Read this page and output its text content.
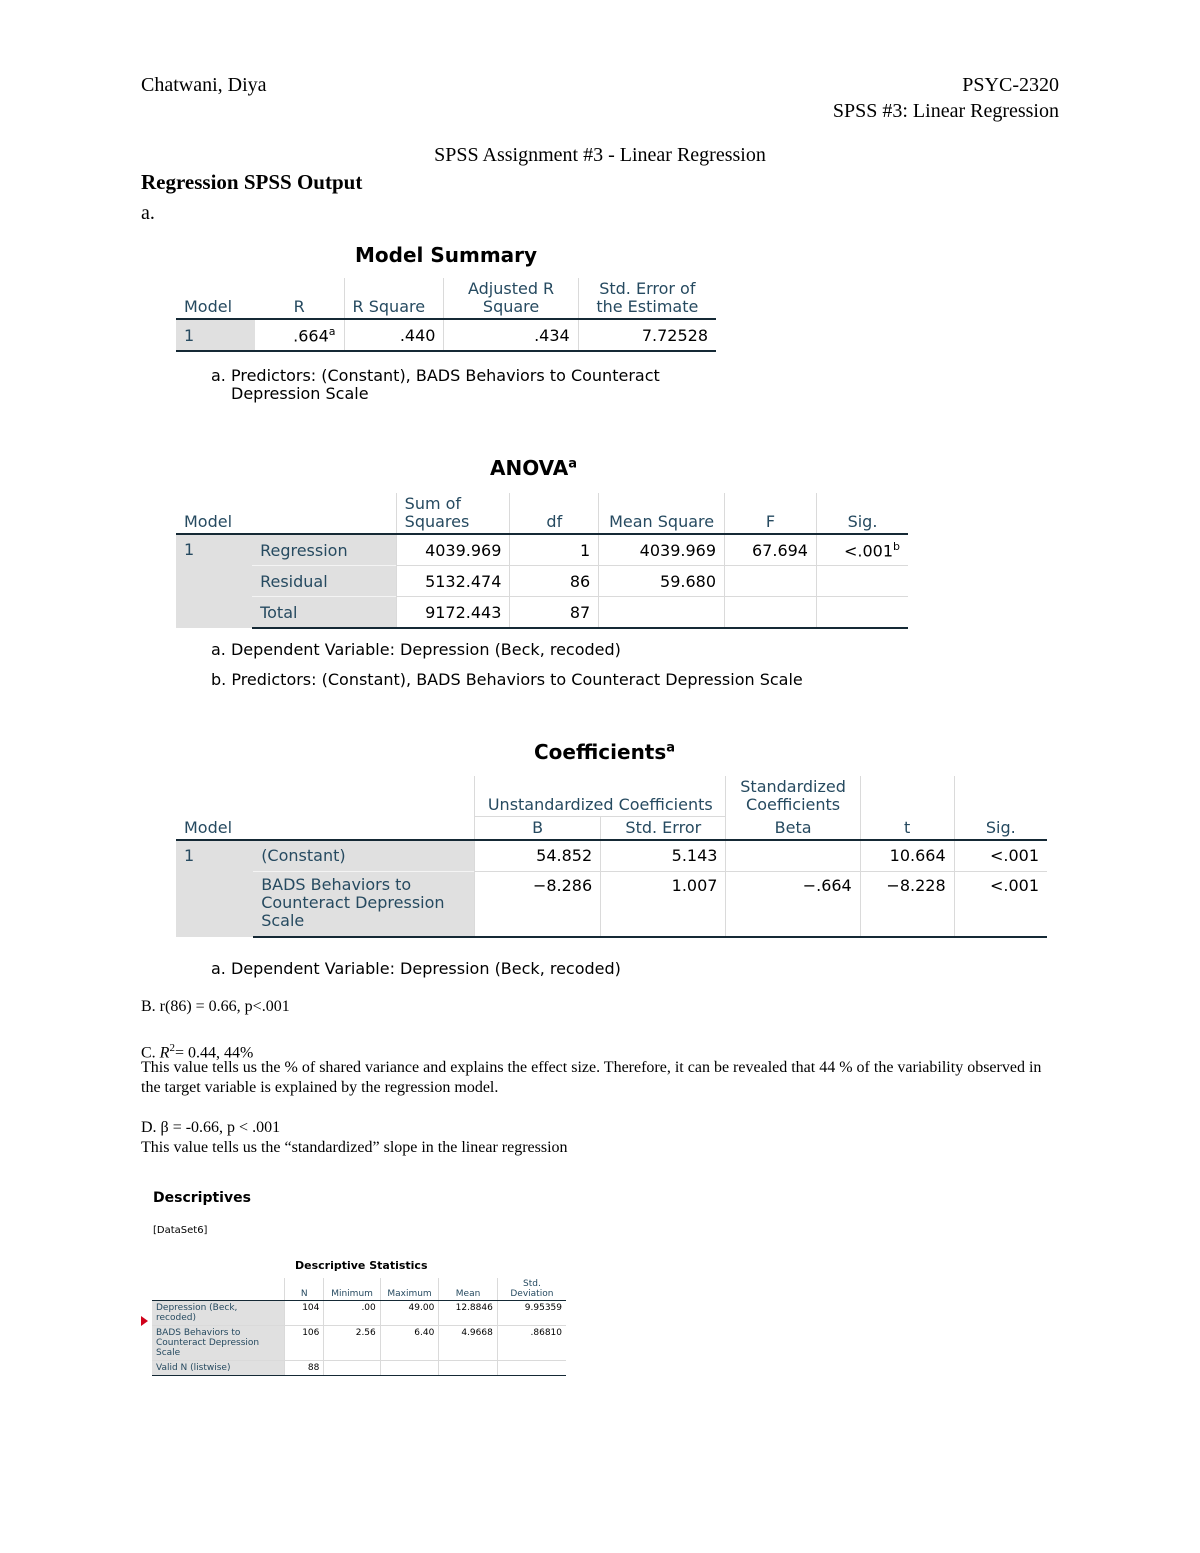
Chatwani, Diya	PSYC-2320
SPSS #3: Linear Regression
SPSS Assignment #3 - Linear Regression
Regression SPSS Output
a.
Model Summary
Model	R	R Square	Adjusted R
Square	Std. Error of
the Estimate
1	.664$^a$	.440	.434	7.72528
a. Predictors: (Constant), BADS Behaviors to Counteract
Depression Scale
ANOVA$^a$
Model		Sum of
Squares	df	Mean Square	F	Sig.
1	Regression	4039.969	1	4039.969	67.694	<.001$^b$
	Residual	5132.474	86	59.680		
	Total	9172.443	87			
a. Dependent Variable: Depression (Beck, recoded)
b. Predictors: (Constant), BADS Behaviors to Counteract Depression Scale
Coefficients$^a$
		Unstandardized Coefficients		Standardized
Coefficients		
Model		B	Std. Error	Beta	t	Sig.
1	(Constant)	54.852	5.143		10.664	<.001
	BADS Behaviors to
Counteract Depression
Scale	−8.286	1.007	−.664	−8.228	<.001
a. Dependent Variable: Depression (Beck, recoded)
B. r(86) = 0.66, p<.001
C. $R^2= 0.44$, 44%
This value tells us the % of shared variance and explains the effect size. Therefore, it can be revealed that 44 % of the variability observed in the target variable is explained by the regression model.
D. β = -0.66, p < .001
This value tells us the “standardized” slope in the linear regression
Descriptives
[DataSet6]
Descriptive Statistics
	N	Minimum	Maximum	Mean	Std.
Deviation
Depression (Beck,
recoded)	104	.00	49.00	12.8846	9.95359
BADS Behaviors to
Counteract Depression
Scale	106	2.56	6.40	4.9668	.86810
Valid N (listwise)	88				
